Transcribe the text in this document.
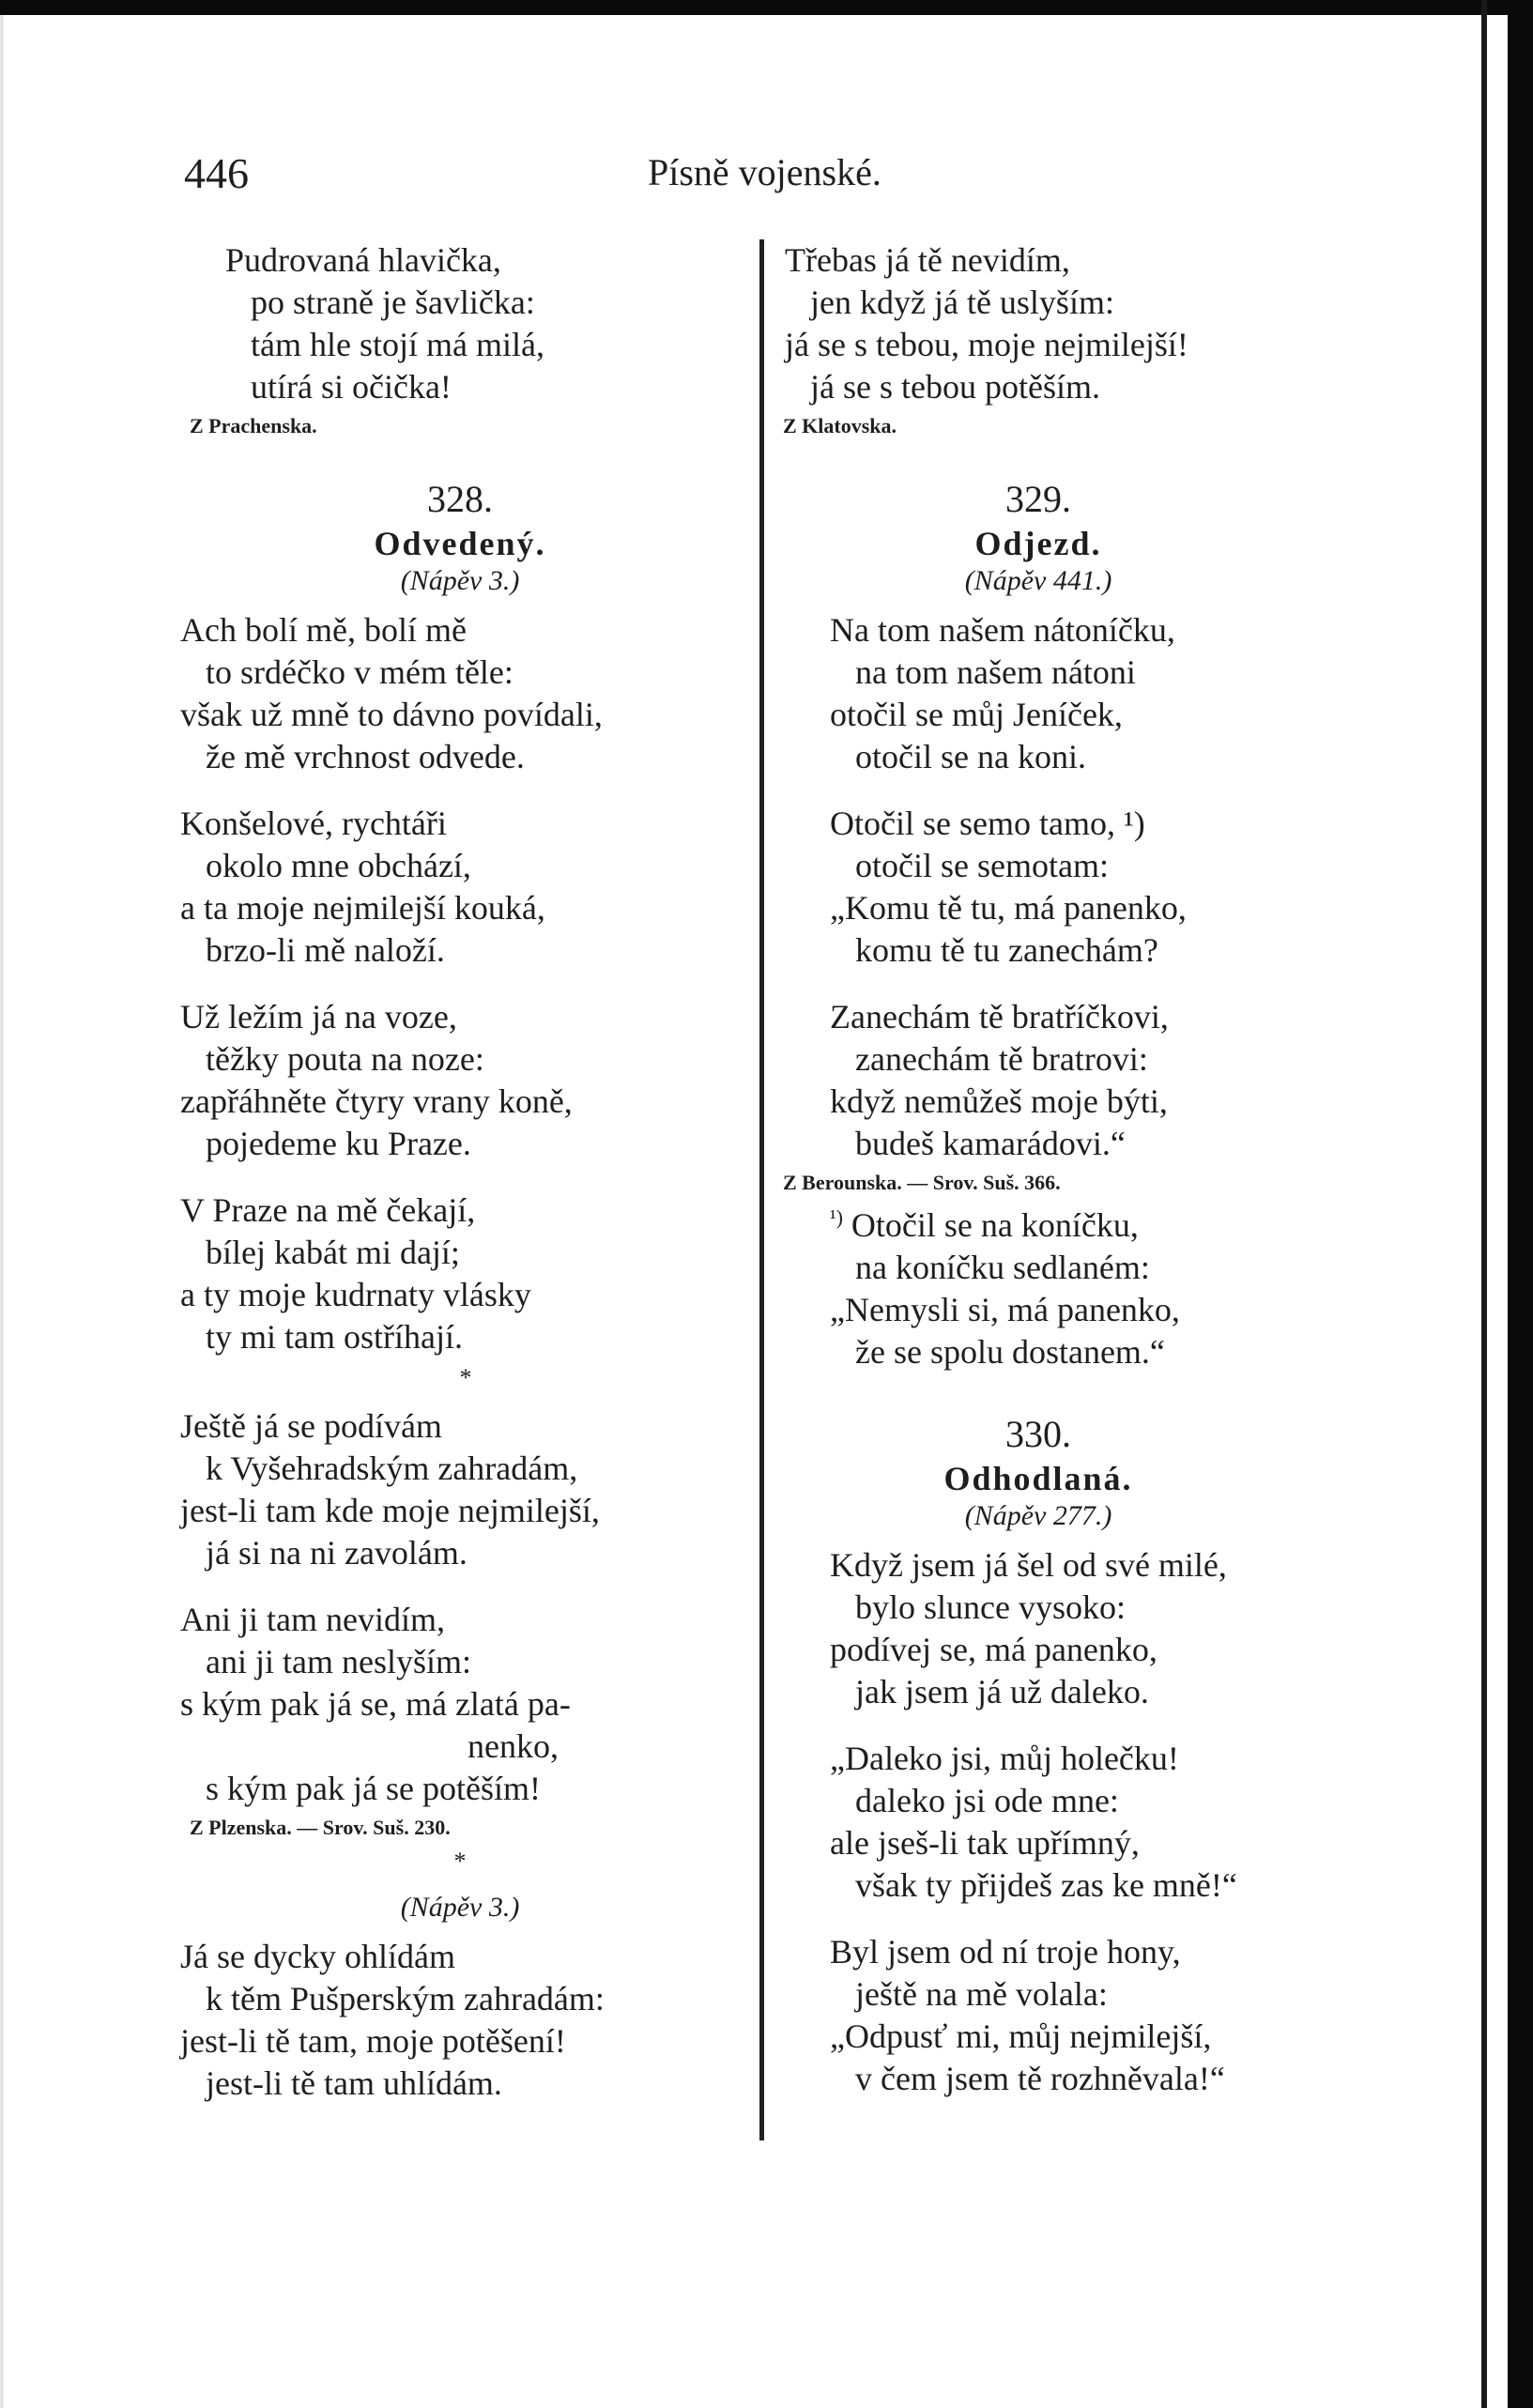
446	Písně vojenské.
Pudrovaná hlavička,
po straně je šavlička:
tám hle stojí má milá,
utírá si očička!
Z Prachenska.
328.
Odvedený.
(Nápěv 3.)
Ach bolí mě, bolí mě
to srdéčko v mém těle:
však už mně to dávno povídali,
že mě vrchnost odvede.
Konšelové, rychtáři
okolo mne obchází,
a ta moje nejmilejší kouká,
brzo-li mě naloží.
Už ležím já na voze,
těžky pouta na noze:
zapřáhněte čtyry vrany koně,
pojedeme ku Praze.
V Praze na mě čekají,
bílej kabát mi dají;
a ty moje kudrnaty vlásky
ty mi tam ostříhají.
*
Ještě já se podívám
k Vyšehradským zahradám,
jest-li tam kde moje nejmilejší,
já si na ni zavolám.
Ani ji tam nevidím,
ani ji tam neslyším:
s kým pak já se, má zlatá pa-
nenko,
s kým pak já se potěším!
Z Plzenska. — Srov. Suš. 230.
*
(Nápěv 3.)
Já se dycky ohlídám
k těm Pušperským zahradám:
jest-li tě tam, moje potěšení!
jest-li tě tam uhlídám.
Třebas já tě nevidím,
jen když já tě uslyším:
já se s tebou, moje nejmilejší!
já se s tebou potěším.
Z Klatovska.
329.
Odjezd.
(Nápěv 441.)
Na tom našem nátoníčku,
na tom našem nátoni
otočil se můj Jeníček,
otočil se na koni.
Otočil se semo tamo, ¹)
otočil se semotam:
„Komu tě tu, má panenko,
komu tě tu zanechám?
Zanechám tě bratříčkovi,
zanechám tě bratrovi:
když nemůžeš moje býti,
budeš kamarádovi.“
Z Berounska. — Srov. Suš. 366.
$^{^1)}$ Otočil se na koníčku,
na koníčku sedlaném:
„Nemysli si, má panenko,
že se spolu dostanem.“
330.
Odhodlaná.
(Nápěv 277.)
Když jsem já šel od své milé,
bylo slunce vysoko:
podívej se, má panenko,
jak jsem já už daleko.
„Daleko jsi, můj holečku!
daleko jsi ode mne:
ale jseš-li tak upřímný,
však ty přijdeš zas ke mně!“
Byl jsem od ní troje hony,
ještě na mě volala:
„Odpusť mi, můj nejmilejší,
v čem jsem tě rozhněvala!“
